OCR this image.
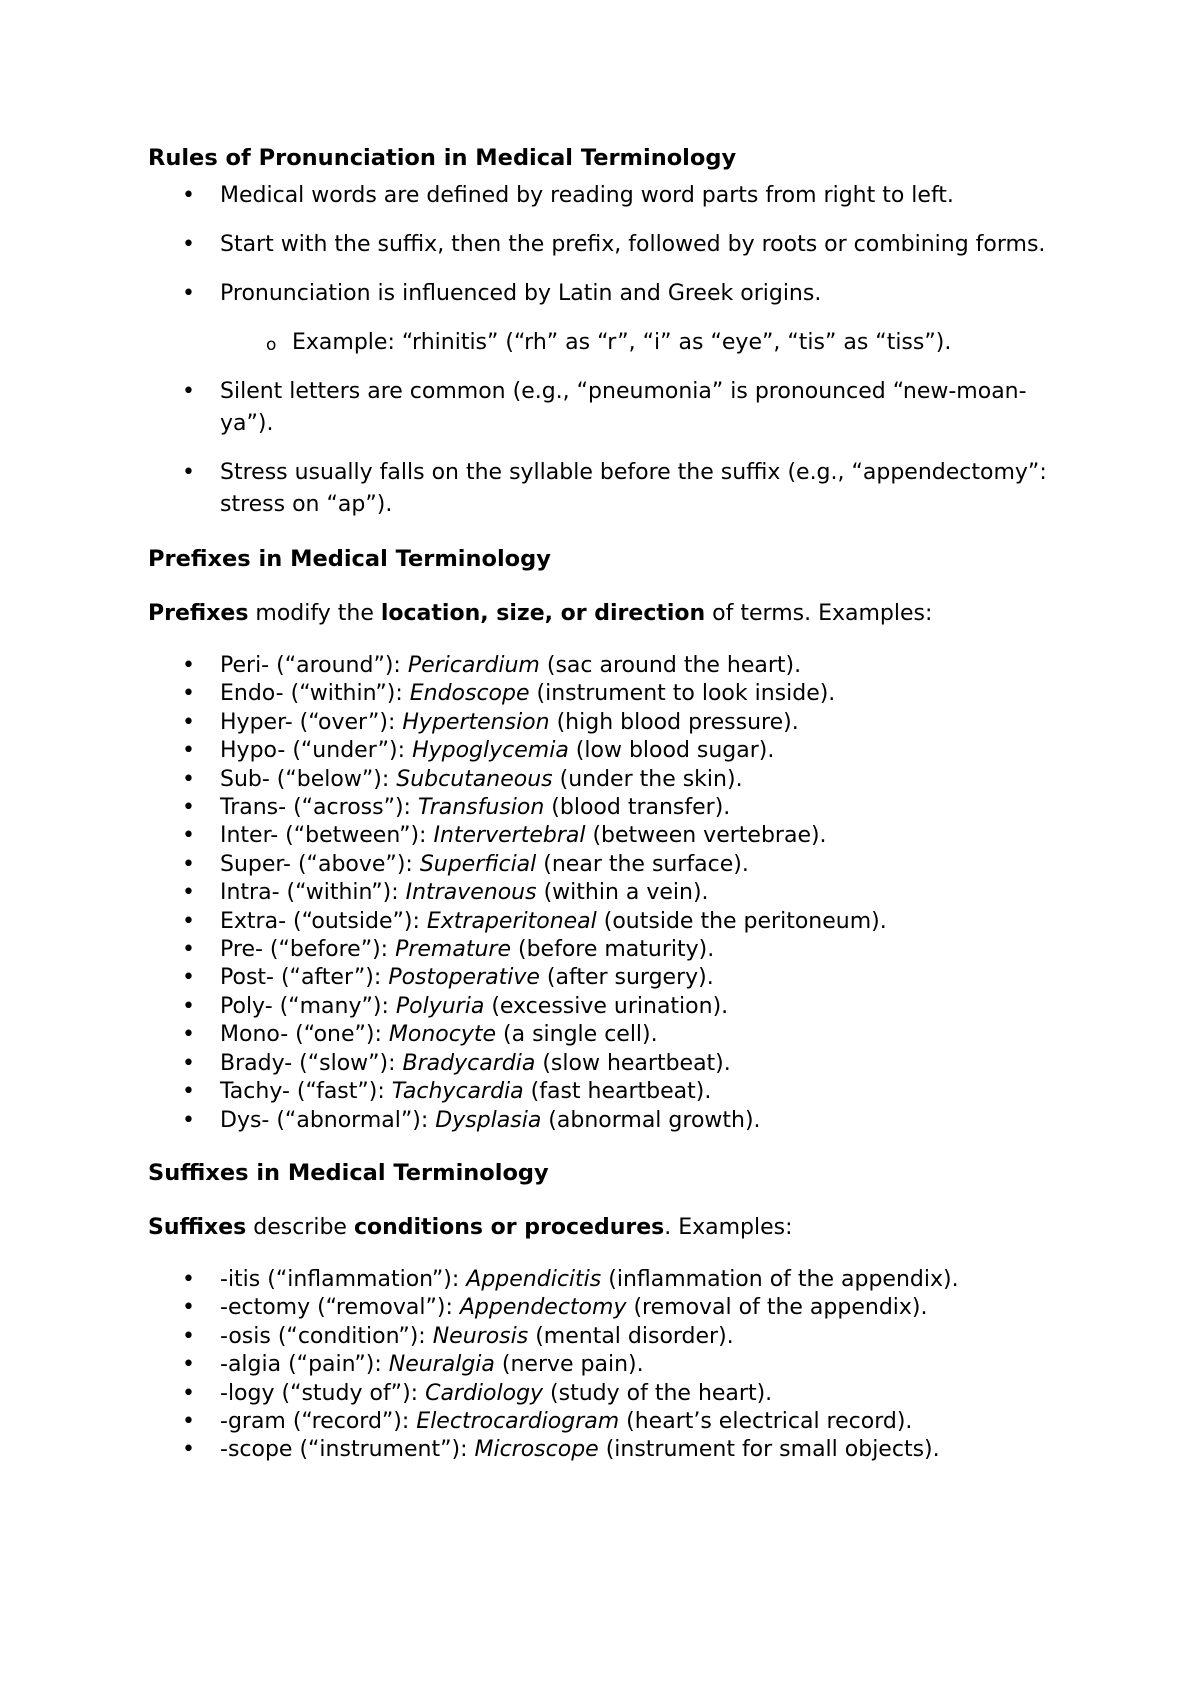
Rules of Pronunciation in Medical Terminology
• Medical words are defined by reading word parts from right to left.
• Start with the suffix, then the prefix, followed by roots or combining forms.
• Pronunciation is influenced by Latin and Greek origins.
o Example: “rhinitis” (“rh” as “r”, “i” as “eye”, “tis” as “tiss”).
• Silent letters are common (e.g., “pneumonia” is pronounced “new-moan-ya”).
• Stress usually falls on the syllable before the suffix (e.g., “appendectomy”: stress on “ap”).
Prefixes in Medical Terminology

Prefixes modify the location, size, or direction of terms. Examples:

• Peri- (“around”): Pericardium (sac around the heart).
• Endo- (“within”): Endoscope (instrument to look inside).
• Hyper- (“over”): Hypertension (high blood pressure).
• Hypo- (“under”): Hypoglycemia (low blood sugar).
• Sub- (“below”): Subcutaneous (under the skin).
• Trans- (“across”): Transfusion (blood transfer).
• Inter- (“between”): Intervertebral (between vertebrae).
• Super- (“above”): Superficial (near the surface).
• Intra- (“within”): Intravenous (within a vein).
• Extra- (“outside”): Extraperitoneal (outside the peritoneum).
• Pre- (“before”): Premature (before maturity).
• Post- (“after”): Postoperative (after surgery).
• Poly- (“many”): Polyuria (excessive urination).
• Mono- (“one”): Monocyte (a single cell).
• Brady- (“slow”): Bradycardia (slow heartbeat).
• Tachy- (“fast”): Tachycardia (fast heartbeat).
• Dys- (“abnormal”): Dysplasia (abnormal growth).
Suffixes in Medical Terminology

Suffixes describe conditions or procedures. Examples:

• -itis (“inflammation”): Appendicitis (inflammation of the appendix).
• -ectomy (“removal”): Appendectomy (removal of the appendix).
• -osis (“condition”): Neurosis (mental disorder).
• -algia (“pain”): Neuralgia (nerve pain).
• -logy (“study of”): Cardiology (study of the heart).
• -gram (“record”): Electrocardiogram (heart’s electrical record).
• -scope (“instrument”): Microscope (instrument for small objects).
